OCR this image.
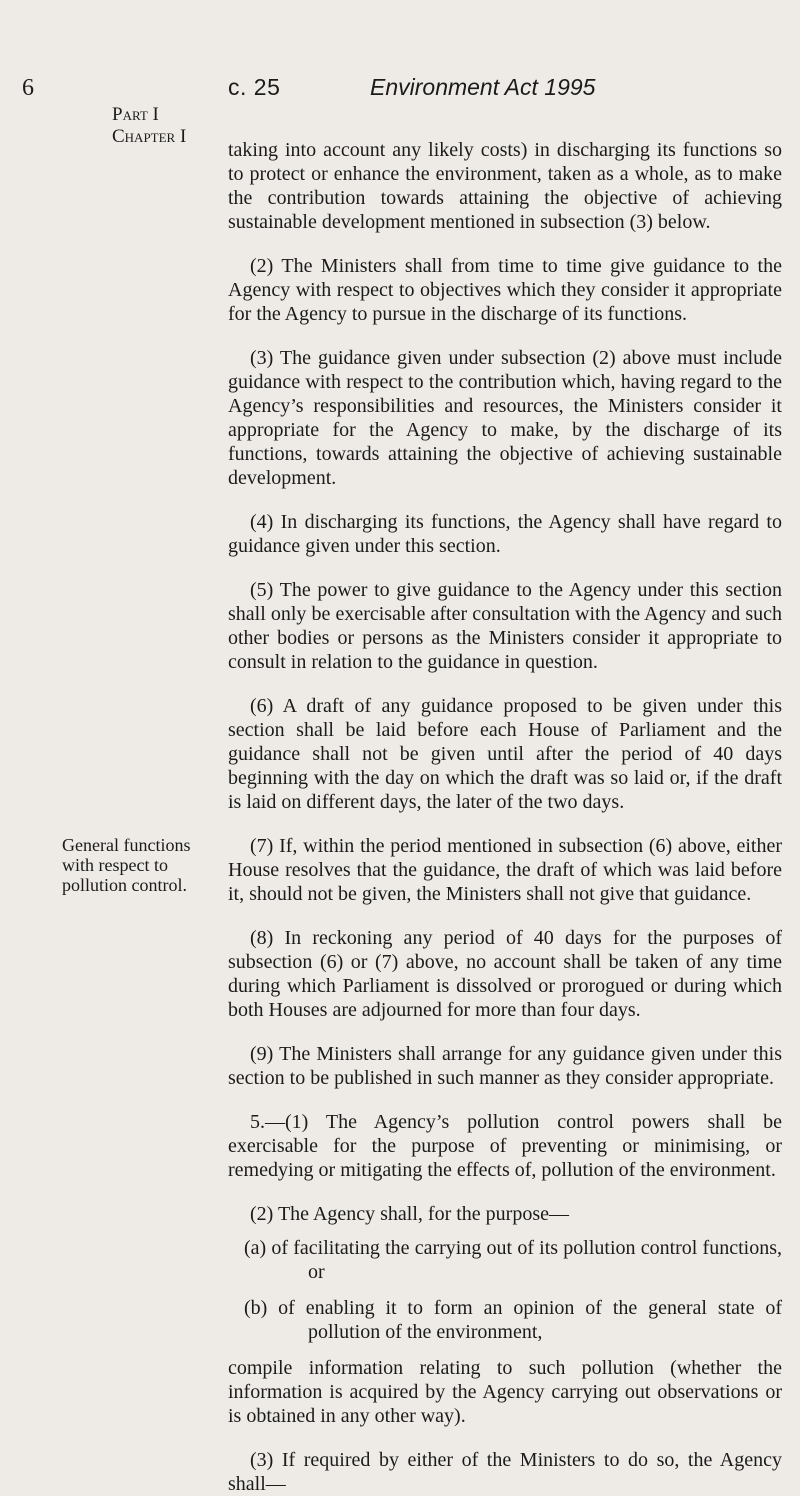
6	c. 25	Environment Act 1995
Part I
Chapter I
General functions with respect to pollution control.

taking into account any likely costs) in discharging its functions so to protect or enhance the environment, taken as a whole, as to make the contribution towards attaining the objective of achieving sustainable development mentioned in subsection (3) below.

(2) The Ministers shall from time to time give guidance to the Agency with respect to objectives which they consider it appropriate for the Agency to pursue in the discharge of its functions.

(3) The guidance given under subsection (2) above must include guidance with respect to the contribution which, having regard to the Agency’s responsibilities and resources, the Ministers consider it appropriate for the Agency to make, by the discharge of its functions, towards attaining the objective of achieving sustainable development.

(4) In discharging its functions, the Agency shall have regard to guidance given under this section.

(5) The power to give guidance to the Agency under this section shall only be exercisable after consultation with the Agency and such other bodies or persons as the Ministers consider it appropriate to consult in relation to the guidance in question.

(6) A draft of any guidance proposed to be given under this section shall be laid before each House of Parliament and the guidance shall not be given until after the period of 40 days beginning with the day on which the draft was so laid or, if the draft is laid on different days, the later of the two days.

(7) If, within the period mentioned in subsection (6) above, either House resolves that the guidance, the draft of which was laid before it, should not be given, the Ministers shall not give that guidance.

(8) In reckoning any period of 40 days for the purposes of subsection (6) or (7) above, no account shall be taken of any time during which Parliament is dissolved or prorogued or during which both Houses are adjourned for more than four days.

(9) The Ministers shall arrange for any guidance given under this section to be published in such manner as they consider appropriate.

5.—(1) The Agency’s pollution control powers shall be exercisable for the purpose of preventing or minimising, or remedying or mitigating the effects of, pollution of the environment.

(2) The Agency shall, for the purpose—

(a) of facilitating the carrying out of its pollution control functions, or

(b) of enabling it to form an opinion of the general state of pollution of the environment,

compile information relating to such pollution (whether the information is acquired by the Agency carrying out observations or is obtained in any other way).

(3) If required by either of the Ministers to do so, the Agency shall—
